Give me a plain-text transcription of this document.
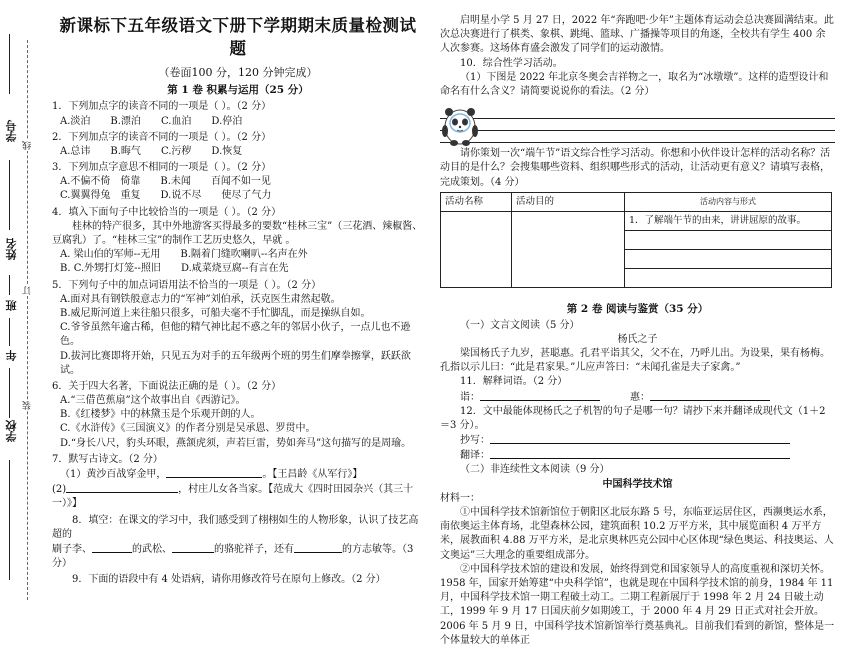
学号
姓名
班
年
学校
线
订
装
新课标下五年级语文下册下学期期末质量检测试题
（卷面100 分，120 分钟完成）
第 1 卷 积累与运用（25 分）

1．下列加点字的读音不同的一项是（ ）。（2 分）

A.淡泊   B.漂泊   C.血泊   D.停泊

2．下列加点字的读音不同的一项是（ ）。（2 分）

A.总讳   B.晦气   C.污秽   D.恢复

3．下列加点字意思不相同的一项是（ ）。（2 分）

A.不偏不倚  倚靠   B.未闻   百闻不如一见

C.翼翼得兔  重复   D.说不尽   使尽了气力

4．填入下面句子中比较恰当的一项是（ ）。（2 分）

桂林的特产很多，其中外地游客买得最多的要数“桂林三宝”（三花酒、辣椒酱、

豆腐乳）了。“桂林三宝”的制作工艺历史悠久，早就 。

A. 梁山伯的军师--无用   B.隔着门缝吹喇叭--名声在外

B. C.外甥打灯笼--照旧   D.咸菜烧豆腐--有言在先

5．下列句子中的加点词语用法不恰当的一项是（ ）。（2 分）

A.面对具有钢铁般意志力的“军神”刘伯承，沃克医生肃然起敬。

B.威尼斯河道上来往船只很多，可船夫毫不手忙脚乱，而是操纵自如。

C.爷爷虽然年逾古稀，但他的精气神比起不惑之年的邻居小伙子，一点儿也不逊色。

D.拔河比赛即将开始，只见五为对手的五年级两个班的男生们摩拳擦掌，跃跃欲试。

6．关于四大名著，下面说法正确的是（ ）。（2 分）

A.“三借芭蕉扇”这个故事出自《西游记》。

B.《红楼梦》中的林黛玉是个乐观开朗的人。

C.《水浒传》《三国演义》的作者分别是吴承恩、罗贯中。

D.“身长八尺，豹头环眼，燕颔虎须，声若巨雷，势如奔马”这句描写的是周瑜。

7．默写古诗文。（2 分）

（1）黄沙百战穿金甲，	。【王昌龄《从军行》】

(2)	，村庄儿女各当家。【范成大《四时田园杂兴（其三十一）》】

8．填空：在课文的学习中，我们感受到了栩栩如生的人物形象，认识了技艺高超的

刷子李、	的武松、	的骆驼祥子，还有	的方志敏等。（3

分）

9．下面的语段中有 4 处语病，请你用修改符号在原句上修改。（2 分）

启明星小学 5 月 27 日，2022 年“奔跑吧·少年”主题体育运动会总决赛圆满结束。此次总决赛进行了棋类、象棋、跳绳、篮球、广播操等项目的角逐，全校共有学生 400 余人次参赛。这场体育盛会激发了同学们的运动激情。

10．综合性学习活动。

（1）下图是 2022 年北京冬奥会吉祥物之一，取名为“冰墩墩”。这样的造型设计和命名有什么含义？请简要说说你的看法。（2 分）

请你策划一次“端午节”语文综合性学习活动。你想和小伙伴设计怎样的活动名称？活动目的是什么？会搜集哪些资料、组织哪些形式的活动，让活动更有意义？请填写表格，完成策划。（4 分）

活动名称	活动目的	活动内容与形式
		1．了解端午节的由来，讲讲屈原的故事。

第 2 卷 阅读与鉴赏（35 分）

（一）文言文阅读（5 分）

杨氏之子

梁国杨氏子九岁，甚聪惠。孔君平诣其父，父不在，乃呼儿出。为设果，果有杨梅。孔指以示儿曰：“此是君家果。”儿应声答曰：“未闻孔雀是夫子家禽。”

11．解释词语。（2 分）

诣：   	惠：

12．文中最能体现杨氏之子机智的句子是哪一句？请抄下来并翻译成现代文（1＋2＝3 分）。

抄写：

翻译：

（二）非连续性文本阅读（9 分）

中国科学技术馆

材料一：

①中国科学技术馆新馆位于朝阳区北辰东路 5 号，东临亚运居住区，西濒奥运水系，南依奥运主体育场，北望森林公园，建筑面积 10.2 万平方米，其中展览面积 4 万平方米，展教面积 4.88 万平方米，是北京奥林匹克公园中心区体现“绿色奥运、科技奥运、人文奥运”三大理念的重要组成部分。

②中国科学技术馆的建设和发展，始终得到党和国家领导人的高度重视和深切关怀。1958 年，国家开始筹建“中央科学馆”，也就是现在中国科学技术馆的前身，1984 年 11 月，中国科学技术馆一期工程破土动工。二期工程新展厅于 1998 年 2 月 24 日破土动工，1999 年 9 月 17 日国庆前夕如期竣工，于 2000 年 4 月 29 日正式对社会开放。2006 年 5 月 9 日，中国科学技术馆新馆举行奠基典礼。目前我们看到的新馆，整体是一个体量较大的单体正
